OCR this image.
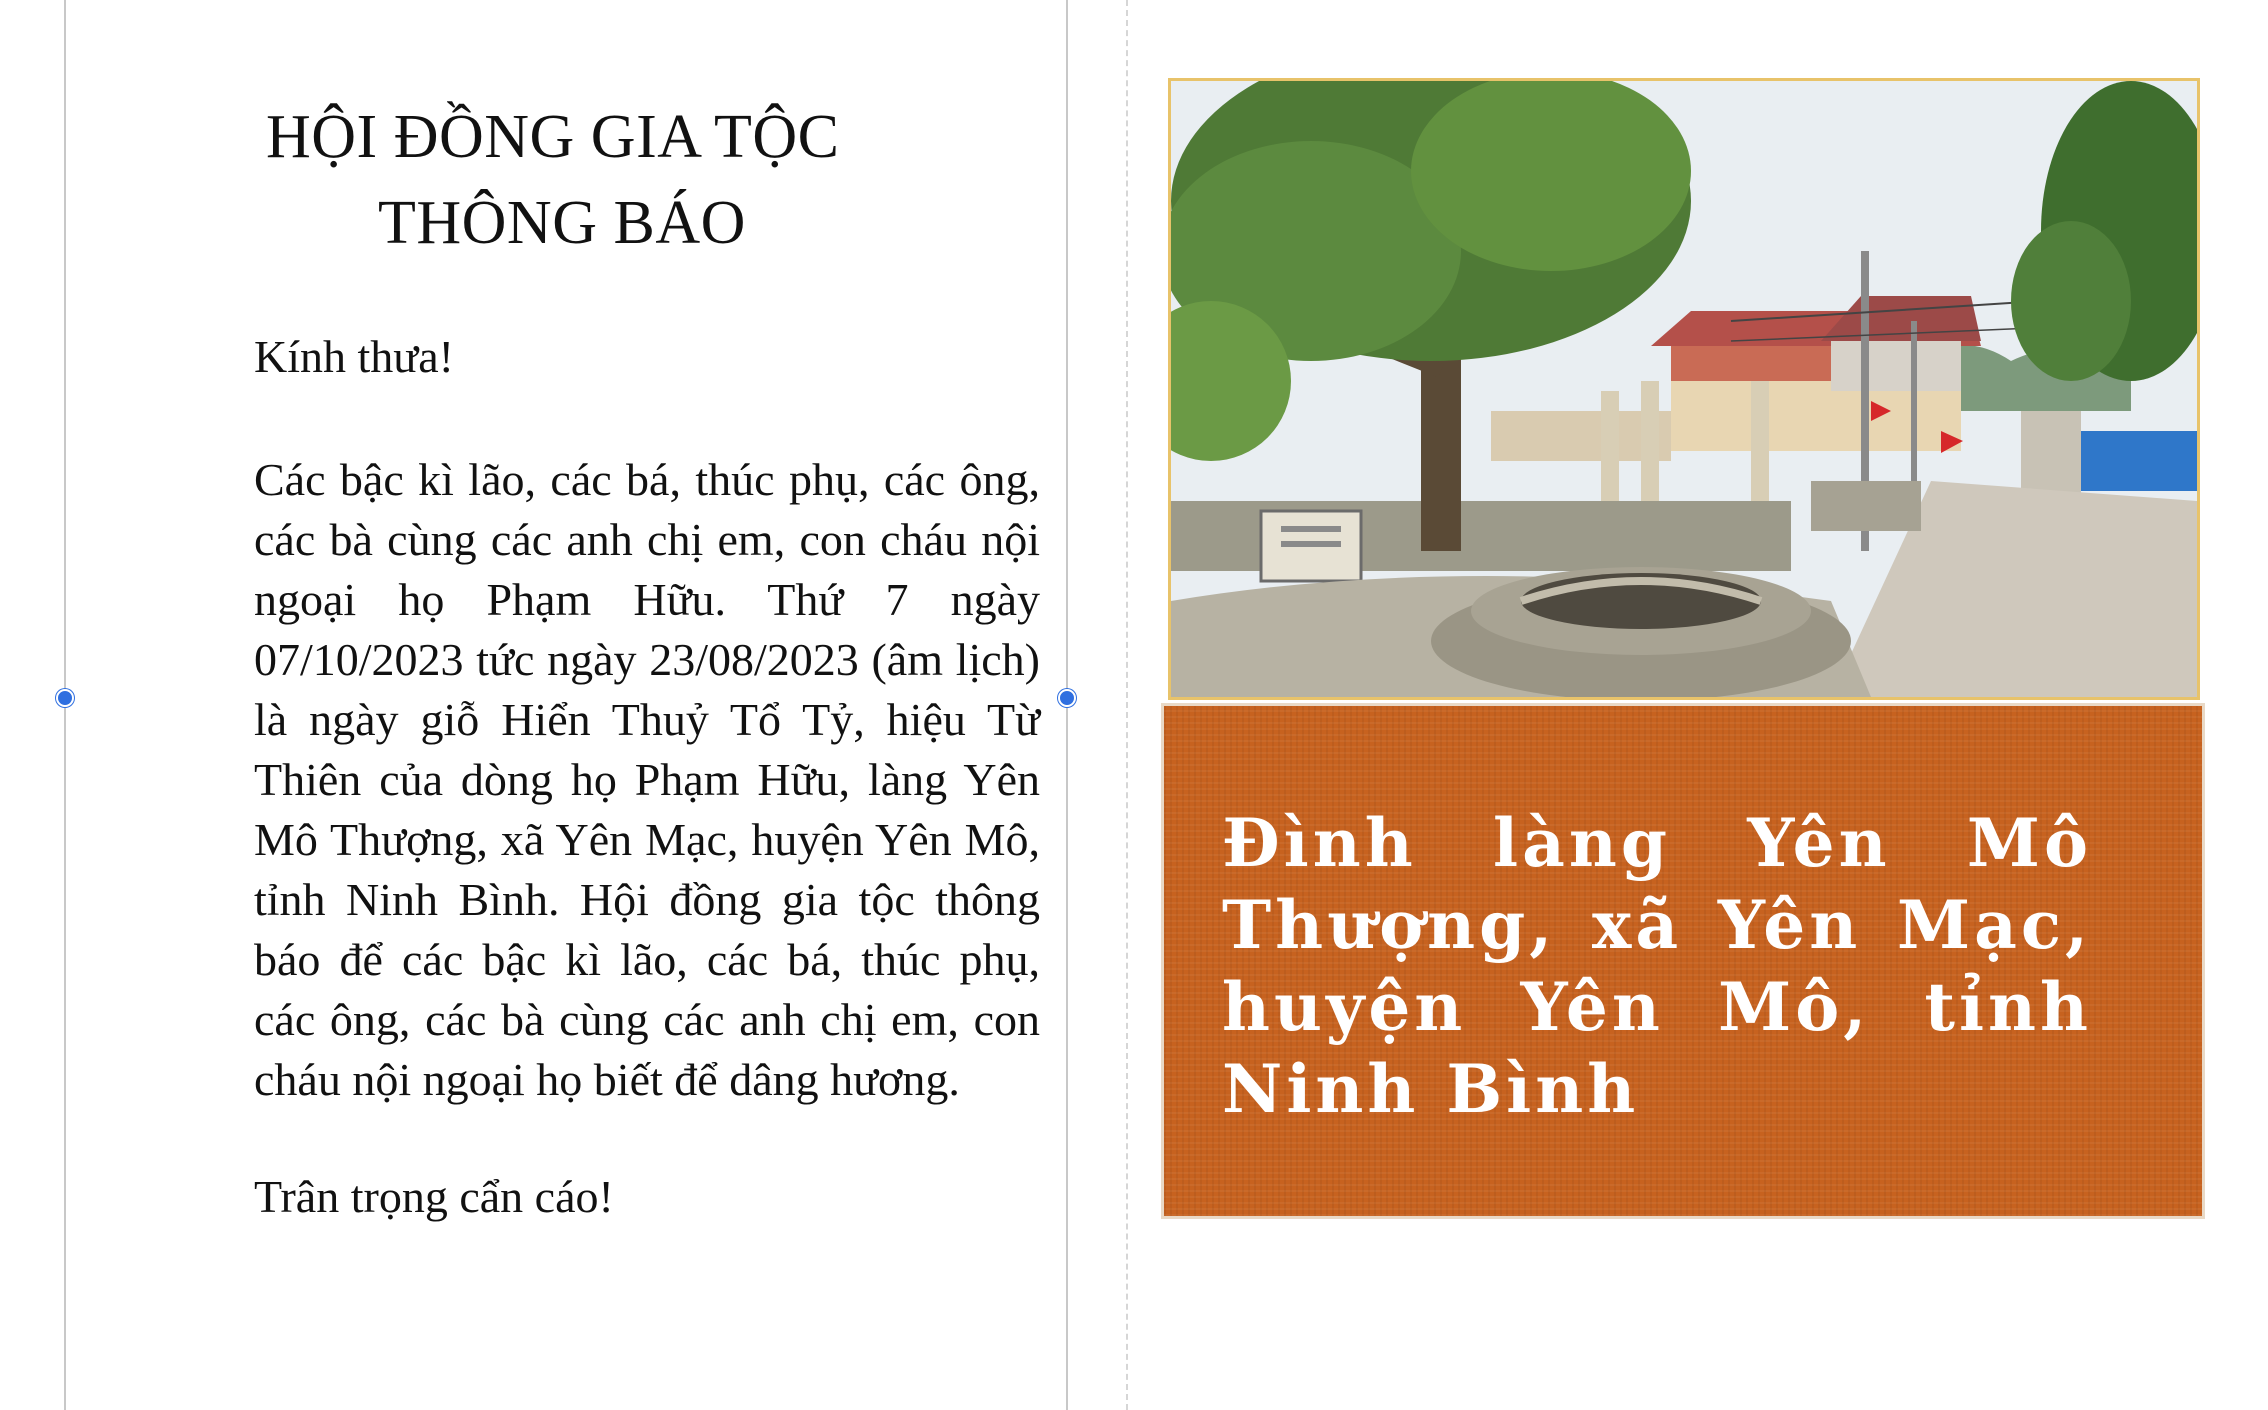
HỘI ĐỒNG GIA TỘC
THÔNG BÁO
Kính thưa!
Các bậc kì lão, các bá, thúc phụ, các ông, các bà cùng các anh chị em, con cháu nội ngoại họ Phạm Hữu. Thứ 7 ngày 07/10/2023 tức ngày 23/08/2023 (âm lịch) là ngày giỗ Hiển Thuỷ Tổ Tỷ, hiệu Từ Thiên của dòng họ Phạm Hữu, làng Yên Mô Thượng, xã Yên Mạc, huyện Yên Mô, tỉnh Ninh Bình. Hội đồng gia tộc thông báo để các bậc kì lão, các bá, thúc phụ, các ông, các bà cùng các anh chị em, con cháu nội ngoại họ biết để dâng hương.
Trân trọng cẩn cáo!
Đình làng Yên Mô Thượng, xã Yên Mạc, huyện Yên Mô, tỉnh Ninh Bình
